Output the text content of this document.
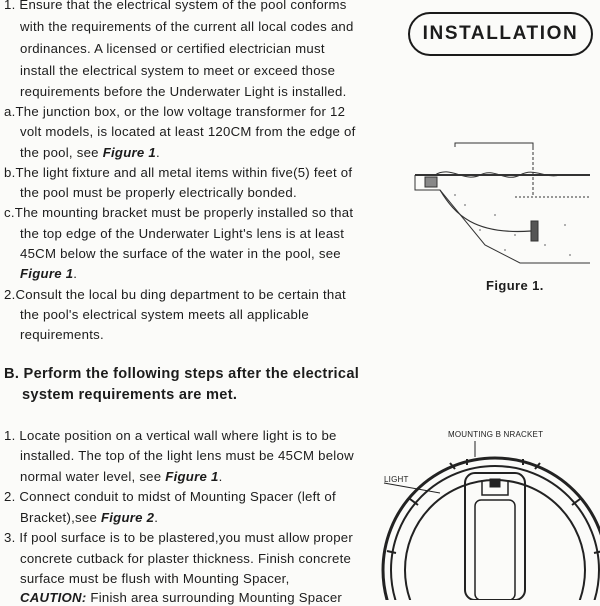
1. Ensure that the electrical system of the pool conforms
with the requirements of the current all local codes and
ordinances. A licensed or certified electrician must
install the electrical system to meet or exceed those
requirements before the Underwater Light is installed.
a.The junction box, or the low voltage transformer for 12
volt models, is located at least 120CM from the edge of
the pool, see Figure 1.
b.The light fixture and all metal items within five(5) feet of
the pool must be properly electrically bonded.
c.The mounting bracket must be properly installed so that
the top edge of the Underwater Light's lens is at least
45CM below the surface of the water in the pool, see
Figure 1.
2.Consult the local bu ding department to be certain that
the pool's electrical system meets all applicable
requirements.
B. Perform the following steps after the electrical
system requirements are met.
1. Locate position on a vertical wall where light is to be
installed. The top of the light lens must be 45CM below
normal water level, see Figure 1.
2. Connect conduit to midst of Mounting Spacer (left of
Bracket),see Figure 2.
3. If pool surface is to be plastered,you must allow proper
concrete cutback for plaster thickness. Finish concrete
surface must be flush with Mounting Spacer,
CAUTION: Finish area surrounding Mounting Spacer
INSTALLATION
Figure 1.
MOUNTING B NRACKET
LIGHT
